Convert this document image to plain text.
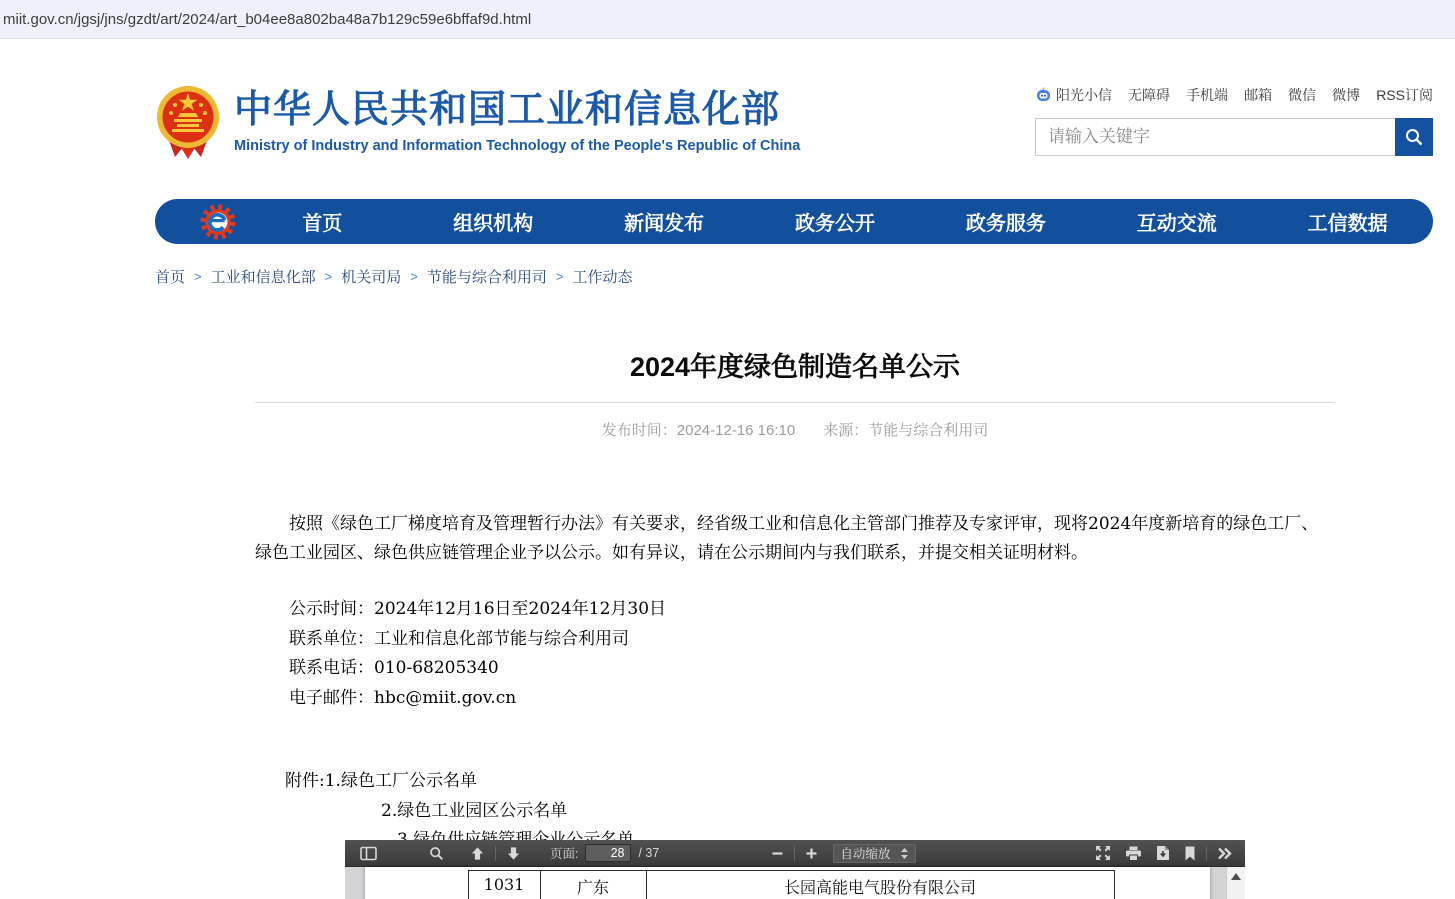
miit.gov.cn/jgsj/jns/gzdt/art/2024/art_b04ee8a802ba48a7b129c59e6bffaf9d.html
中华人民共和国工业和信息化部
Ministry of Industry and Information Technology of the People's Republic of China
阳光小信 无障碍 手机端 邮箱 微信 微博 RSS订阅
请输入关键字
首页	组织机构	新闻发布	政务公开	政务服务	互动交流	工信数据
首页 > 工业和信息化部 > 机关司局 > 节能与综合利用司 > 工作动态
2024年度绿色制造名单公示
发布时间：2024-12-16 16:10 来源：节能与综合利用司

按照《绿色工厂梯度培育及管理暂行办法》有关要求，经省级工业和信息化主管部门推荐及专家评审，现将2024年度新培育的绿色工厂、绿色工业园区、绿色供应链管理企业予以公示。如有异议，请在公示期间内与我们联系，并提交相关证明材料。

公示时间：2024年12月16日至2024年12月30日
联系单位：工业和信息化部节能与综合利用司
联系电话：010-68205340
电子邮件：hbc@miit.gov.cn
附件:1.绿色工厂公示名单
2.绿色工业园区公示名单
页面:
28	/ 37	自动缩放
1031	广东	长园高能电气股份有限公司
